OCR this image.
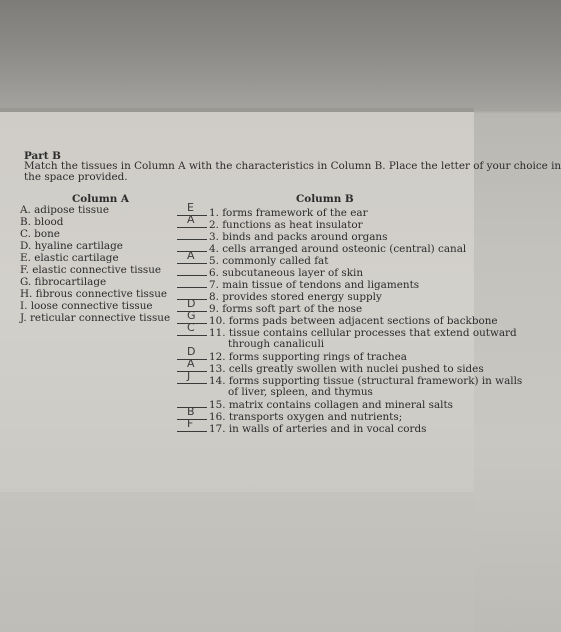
Part B
Match the tissues in Column A with the characteristics in Column B. Place the letter of your choice in
the space provided.
Column A	Column B
A. adipose tissue
B. blood
C. bone
D. hyaline cartilage
E. elastic cartilage
F. elastic connective tissue
G. fibrocartilage
H. fibrous connective tissue
I. loose connective tissue
J. reticular connective tissue
E 1. forms framework of the ear
A 2. functions as heat insulator
3. binds and packs around organs
4. cells arranged around osteonic (central) canal
A 5. commonly called fat
6. subcutaneous layer of skin
7. main tissue of tendons and ligaments
8. provides stored energy supply
D 9. forms soft part of the nose
G 10. forms pads between adjacent sections of backbone
C 11. tissue contains cellular processes that extend outward
through canaliculi
D 12. forms supporting rings of trachea
A 13. cells greatly swollen with nuclei pushed to sides
J 14. forms supporting tissue (structural framework) in walls
of liver, spleen, and thymus
15. matrix contains collagen and mineral salts
B 16. transports oxygen and nutrients;
F 17. in walls of arteries and in vocal cords
